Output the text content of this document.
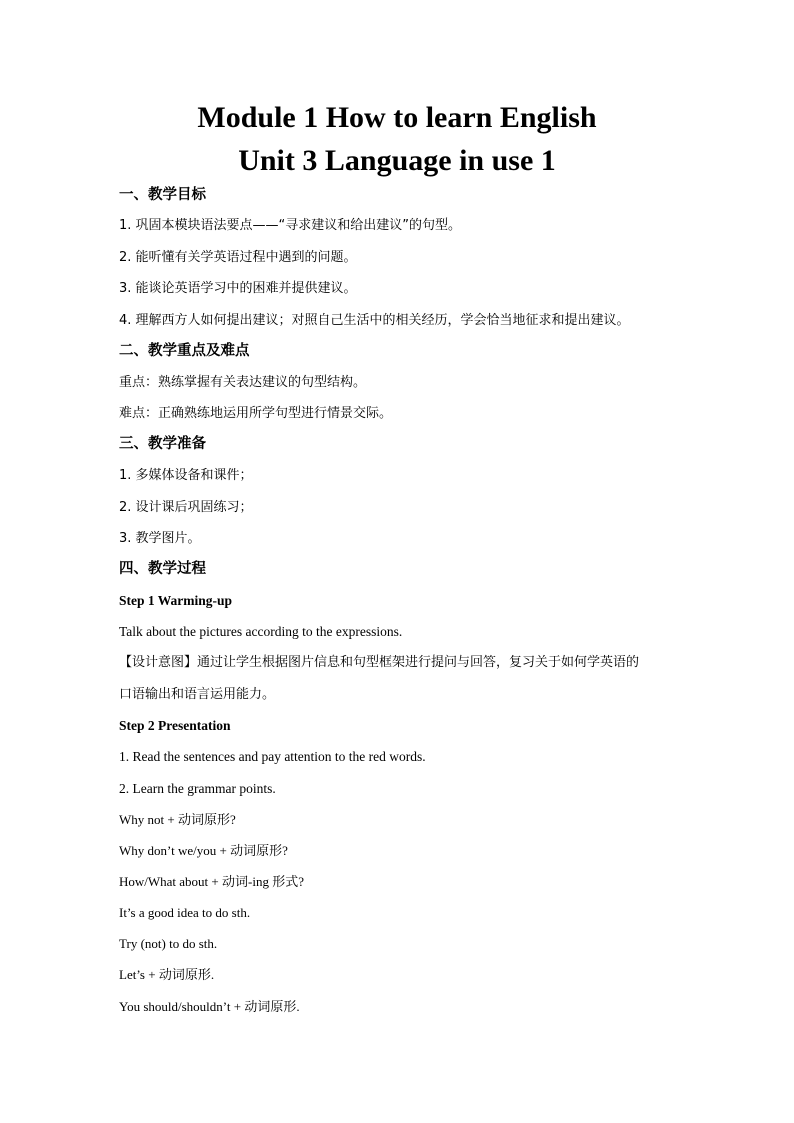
Module 1 How to learn English
Unit 3 Language in use 1
一、教学目标
1. 巩固本模块语法要点——“寻求建议和给出建议”的句型。
2. 能听懂有关学英语过程中遇到的问题。
3. 能谈论英语学习中的困难并提供建议。
4. 理解西方人如何提出建议；对照自己生活中的相关经历，学会恰当地征求和提出建议。
二、教学重点及难点
重点：熟练掌握有关表达建议的句型结构。
难点：正确熟练地运用所学句型进行情景交际。
三、教学准备
1. 多媒体设备和课件；
2. 设计课后巩固练习；
3. 教学图片。
四、教学过程
Step 1 Warming-up
Talk about the pictures according to the expressions.
【设计意图】通过让学生根据图片信息和句型框架进行提问与回答，复习关于如何学英语的
口语输出和语言运用能力。
Step 2 Presentation
1. Read the sentences and pay attention to the red words.
2. Learn the grammar points.
Why not + 动词原形?
Why don’t we/you + 动词原形?
How/What about + 动词-ing 形式?
It’s a good idea to do sth.
Try (not) to do sth.
Let’s + 动词原形.
You should/shouldn’t + 动词原形.
